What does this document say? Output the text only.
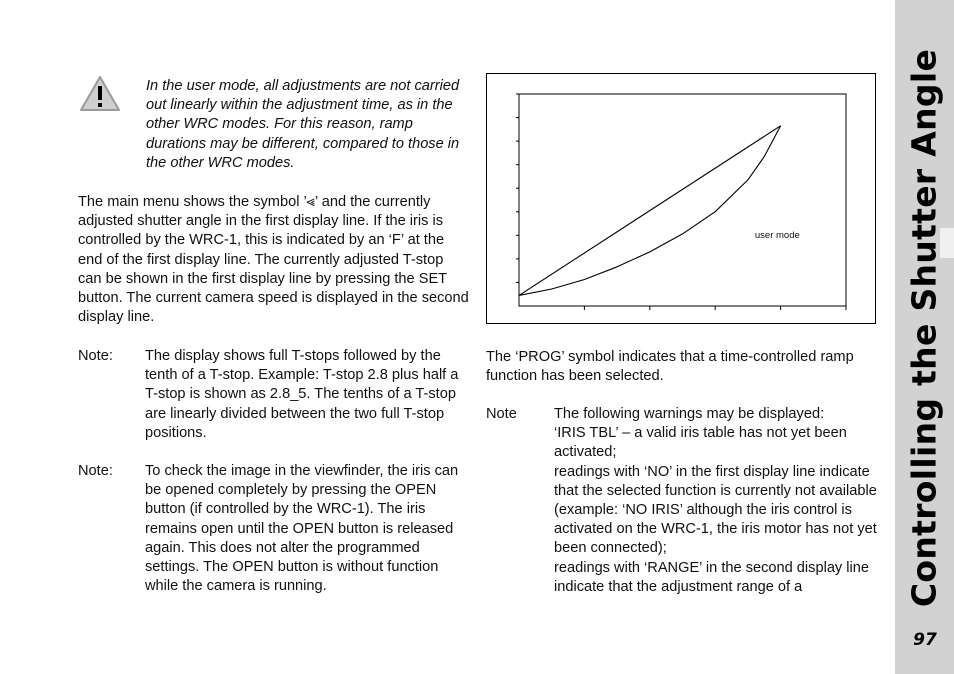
Controlling the Shutter Angle
97
In the user mode, all adjustments are not carried out linearly within the adjustment time, as in the other WRC modes. For this reason, ramp durations may be different, compared to those in the other WRC modes.
The main menu shows the symbol ’⪡’ and the currently adjusted shutter angle in the first display line. If the iris is controlled by the WRC-1, this is indicated by an ‘F’ at the end of the first display line. The currently adjusted T-stop can be shown in the first display line by pressing the SET button. The current camera speed is displayed in the second display line.
Note: The display shows full T-stops followed by the tenth of a T-stop. Example: T-stop 2.8 plus half a T-stop is shown as 2.8_5. The tenths of a T-stop are linearly divided between the two full T-stop positions.
Note: To check the image in the viewfinder, the iris can be opened completely by pressing the OPEN button (if controlled by the WRC-1). The iris remains open until the OPEN button is released again. This does not alter the programmed settings. The OPEN button is without function while the camera is running.
user mode
The ‘PROG’ symbol indicates that a time-controlled ramp function has been selected.
Note	The following warnings may be displayed:
‘IRIS TBL’ – a valid iris table has not yet been activated;
readings with ‘NO’ in the first display line indicate that the selected function is currently not available (example: ‘NO IRIS’ although the iris control is activated on the WRC-1, the iris motor has not yet been connected);
readings with ‘RANGE’ in the second display line indicate that the adjustment range of a
